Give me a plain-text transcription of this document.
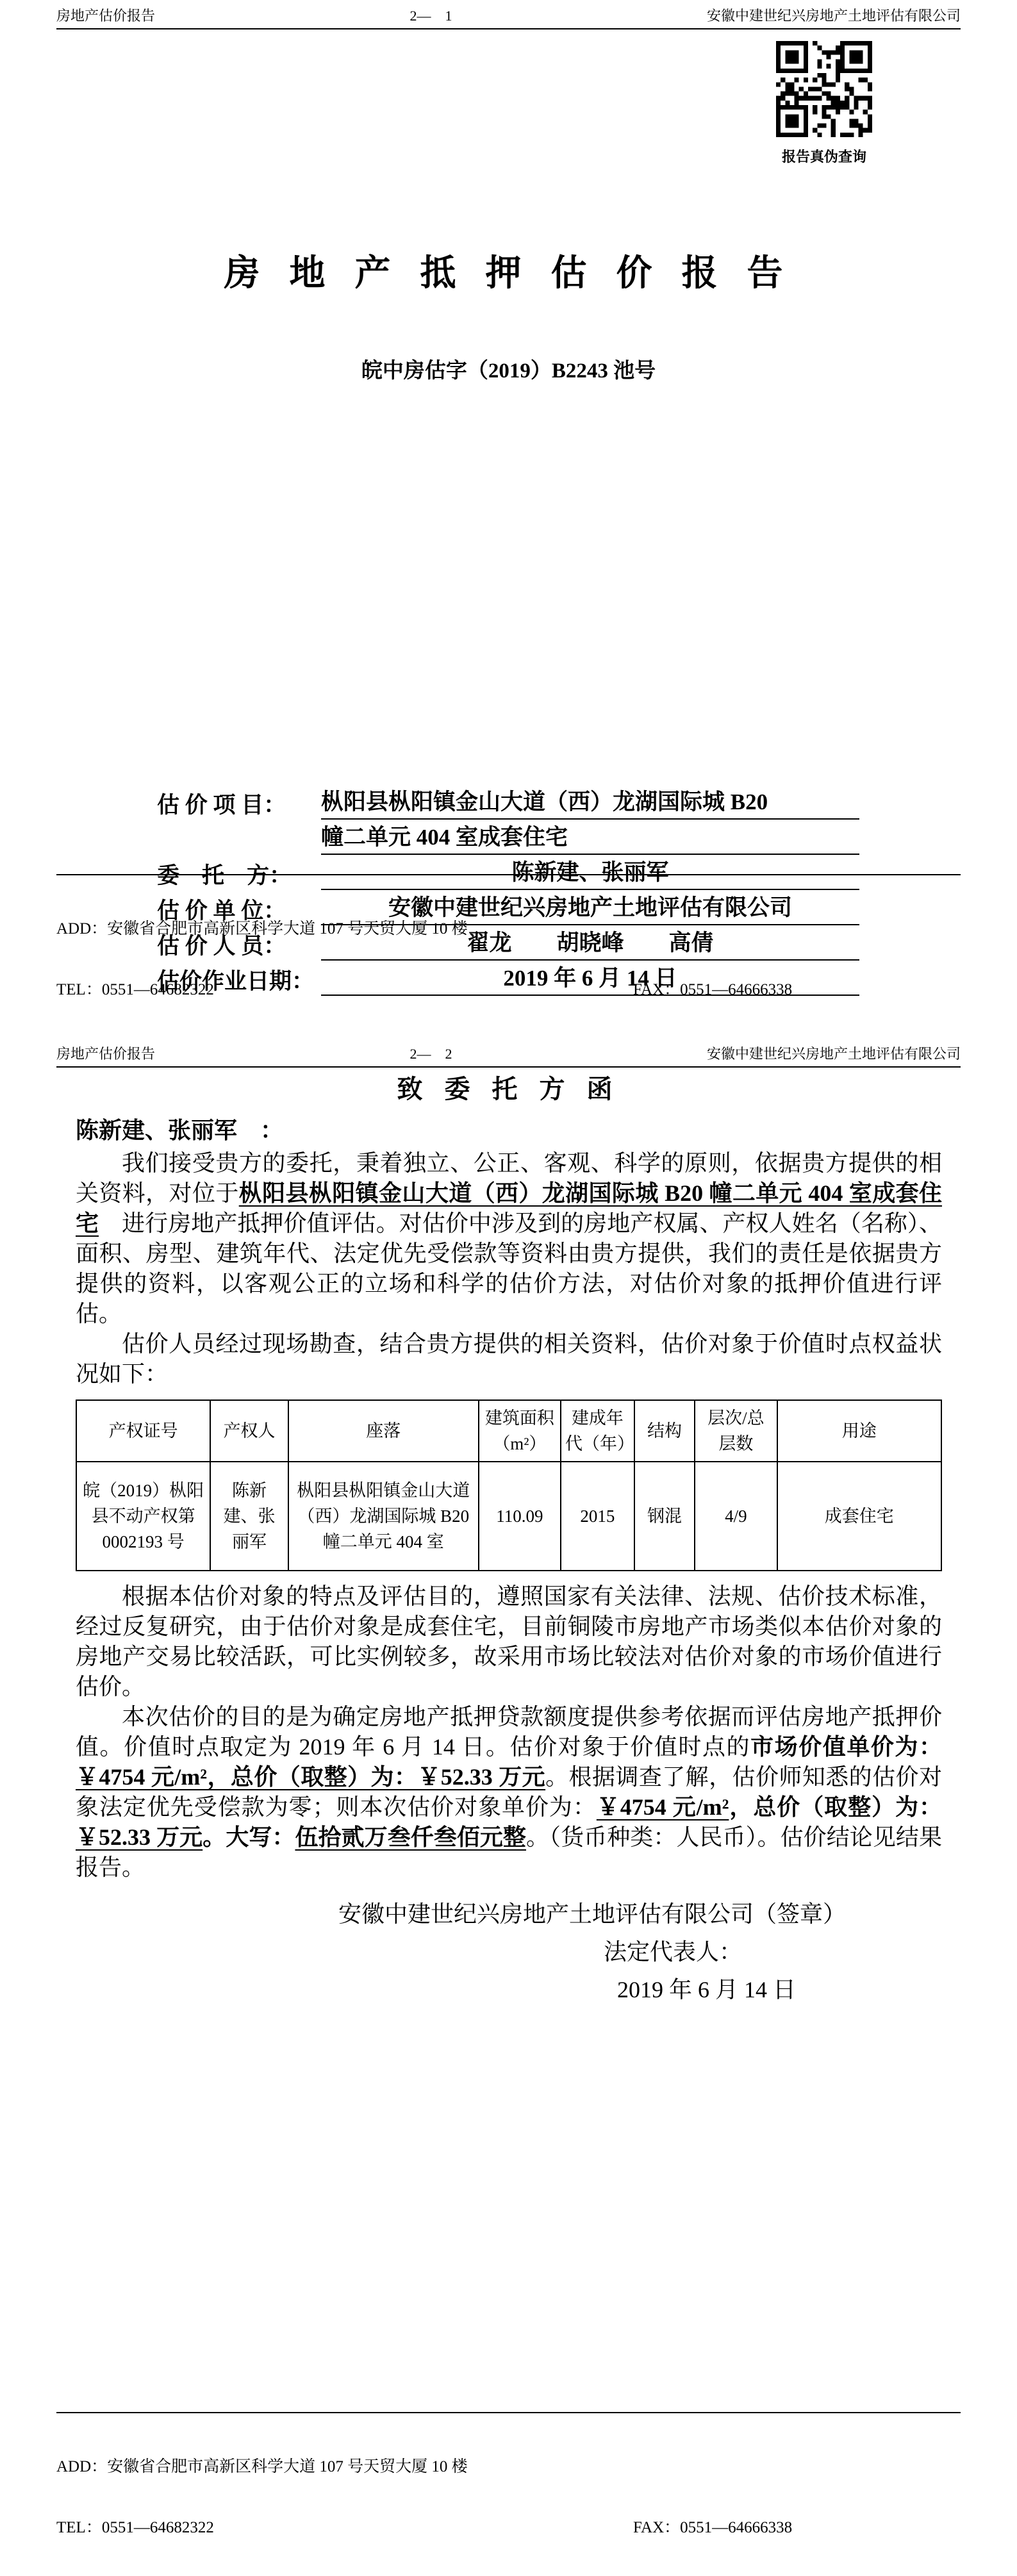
房地产估价报告	2—　1	安徽中建世纪兴房地产土地评估有限公司
报告真伪查询
房 地 产 抵 押 估 价 报 告
皖中房估字（2019）B2243 池号
估 价 项 目：	枞阳县枞阳镇金山大道（西）龙湖国际城 B20
幢二单元 404 室成套住宅
委　托　方：	陈新建、张丽军
估 价 单 位：	安徽中建世纪兴房地产土地评估有限公司
估 价 人 员：	翟龙　　胡晓峰　　高倩
估价作业日期：	2019 年 6 月 14 日

ADD：安徽省合肥市高新区科学大道 107 号天贸大厦 10 楼

TEL：0551—64682322	FAX：0551—64666338

房地产估价报告	2—　2	安徽中建世纪兴房地产土地评估有限公司
致 委 托 方 函
陈新建、张丽军　：

我们接受贵方的委托，秉着独立、公正、客观、科学的原则，依据贵方提供的相关资料，对位于枞阳县枞阳镇金山大道（西）龙湖国际城 B20 幢二单元 404 室成套住宅　进行房地产抵押价值评估。对估价中涉及到的房地产权属、产权人姓名（名称）、面积、房型、建筑年代、法定优先受偿款等资料由贵方提供，我们的责任是依据贵方提供的资料，以客观公正的立场和科学的估价方法，对估价对象的抵押价值进行评估。

估价人员经过现场勘查，结合贵方提供的相关资料，估价对象于价值时点权益状况如下：

产权证号	产权人	座落	建筑面积（m²）	建成年代（年）	结构	层次/总层数	用途
皖（2019）枞阳县不动产权第 0002193 号	陈新建、张丽军	枞阳县枞阳镇金山大道（西）龙湖国际城 B20 幢二单元 404 室	110.09	2015	钢混	4/9	成套住宅

根据本估价对象的特点及评估目的，遵照国家有关法律、法规、估价技术标准，经过反复研究，由于估价对象是成套住宅，目前铜陵市房地产市场类似本估价对象的房地产交易比较活跃，可比实例较多，故采用市场比较法对估价对象的市场价值进行估价。

本次估价的目的是为确定房地产抵押贷款额度提供参考依据而评估房地产抵押价值。价值时点取定为 2019 年 6 月 14 日。估价对象于价值时点的市场价值单价为：￥4754 元/m²，总价（取整）为：￥52.33 万元。根据调查了解，估价师知悉的估价对象法定优先受偿款为零；则本次估价对象单价为：￥4754 元/m²，总价（取整）为：￥52.33 万元。大写：伍拾贰万叁仟叁佰元整。（货币种类：人民币）。估价结论见结果报告。

安徽中建世纪兴房地产土地评估有限公司（签章）
法定代表人：
2019 年 6 月 14 日

ADD：安徽省合肥市高新区科学大道 107 号天贸大厦 10 楼

TEL：0551—64682322	FAX：0551—64666338
